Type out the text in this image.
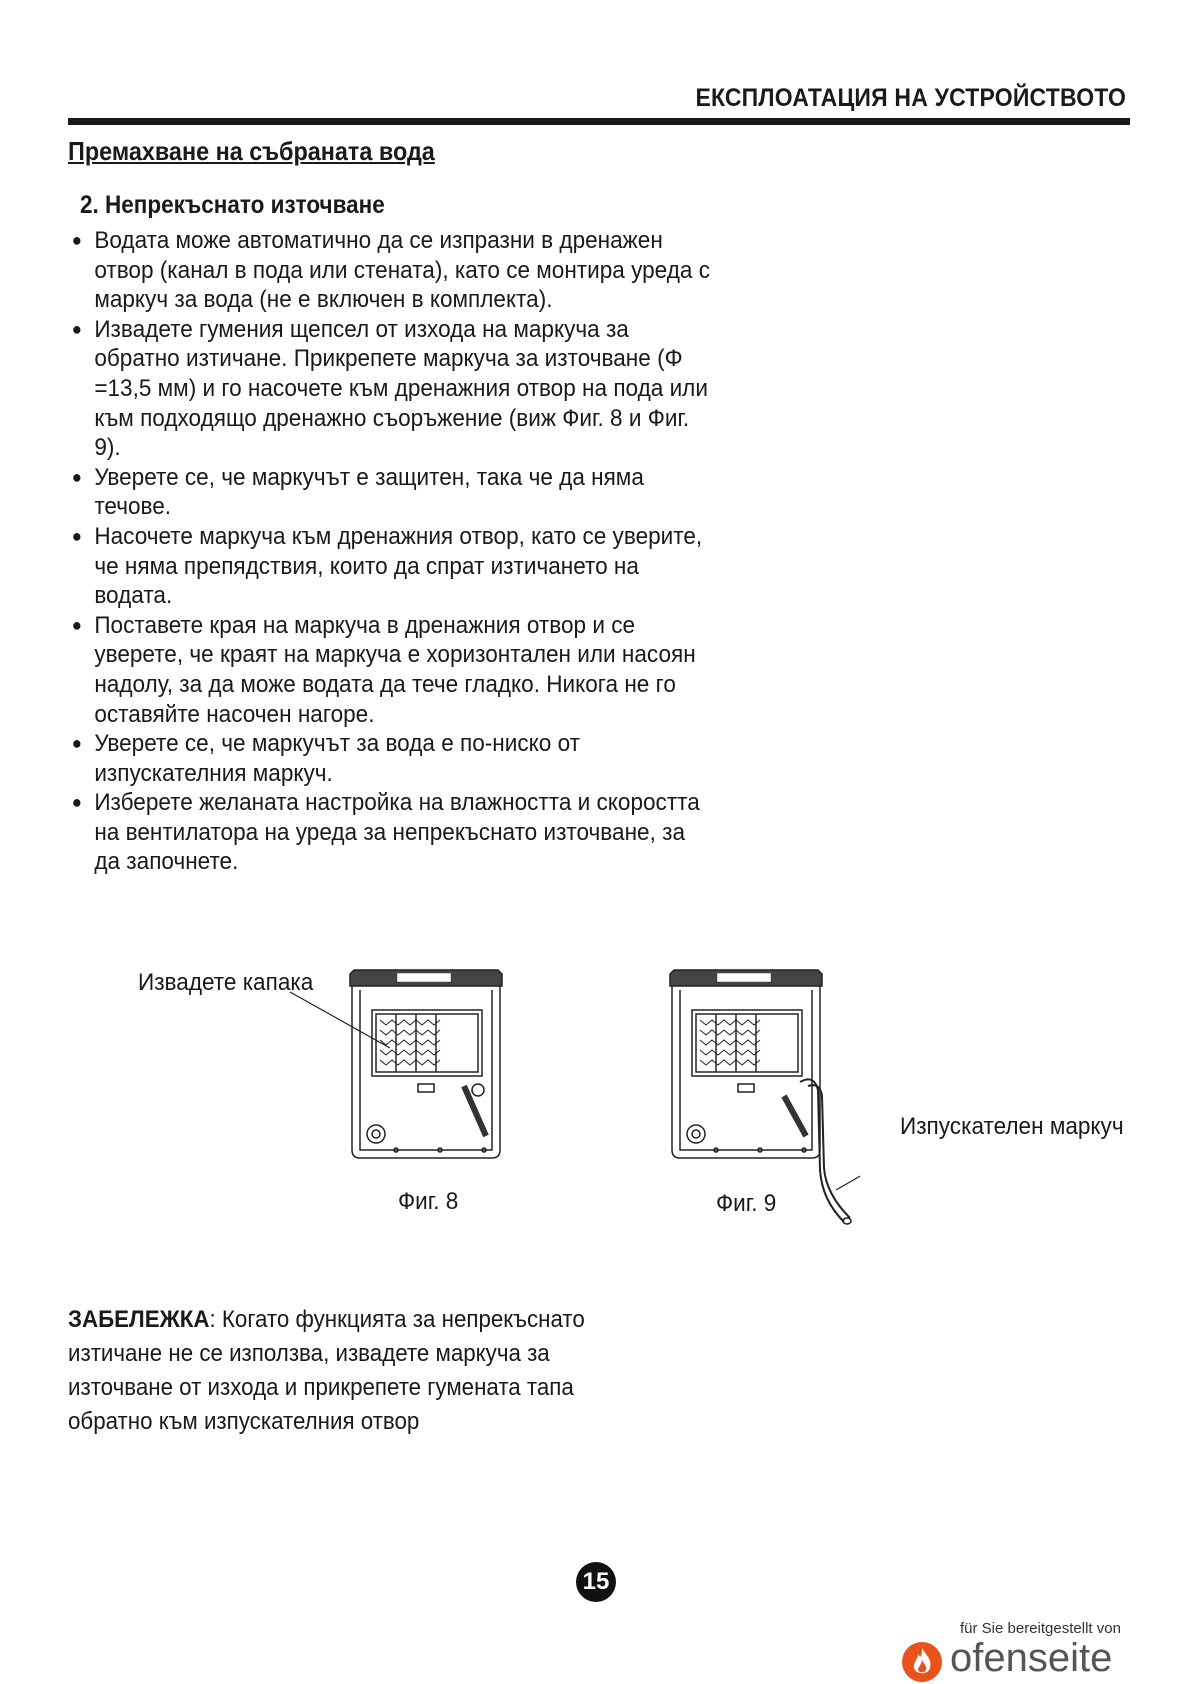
ЕКСПЛОАТАЦИЯ НА УСТРОЙСТВОТО
Премахване на събраната вода
2. Непрекъснато източване
● Водата може автоматично да се изпразни в дренажен
отвор (канал в пода или стената), като се монтира уреда с
маркуч за вода (не е включен в комплекта).
● Извадете гумения щепсел от изхода на маркуча за
обратно изтичане. Прикрепете маркуча за източване (Φ
=13,5 мм) и го насочете към дренажния отвор на пода или
към подходящо дренажно съоръжение (виж Фиг. 8 и Фиг.
9).
● Уверете се, че маркучът е защитен, така че да няма
течове.
● Насочете маркуча към дренажния отвор, като се уверите,
че няма препядствия, които да спрат изтичането на
водата.
● Поставете края на маркуча в дренажния отвор и се
уверете, че краят на маркуча е хоризонтален или насоян
надолу, за да може водата да тече гладко. Никога не го
оставяйте насочен нагоре.
● Уверете се, че маркучът за вода е по-ниско от
изпускателния маркуч.
● Изберете желаната настройка на влажността и скоростта
на вентилатора на уреда за непрекъснато източване, за
да започнете.
Извадете капака
Фиг. 8	Фиг. 9
Изпускателен маркуч
ЗАБЕЛЕЖКА: Когато функцията за непрекъснато изтичане не се използва, извадете маркуча за източване от изхода и прикрепете гумената тапа обратно към изпускателния отвор
15
für Sie bereitgestellt von
ofenseite
